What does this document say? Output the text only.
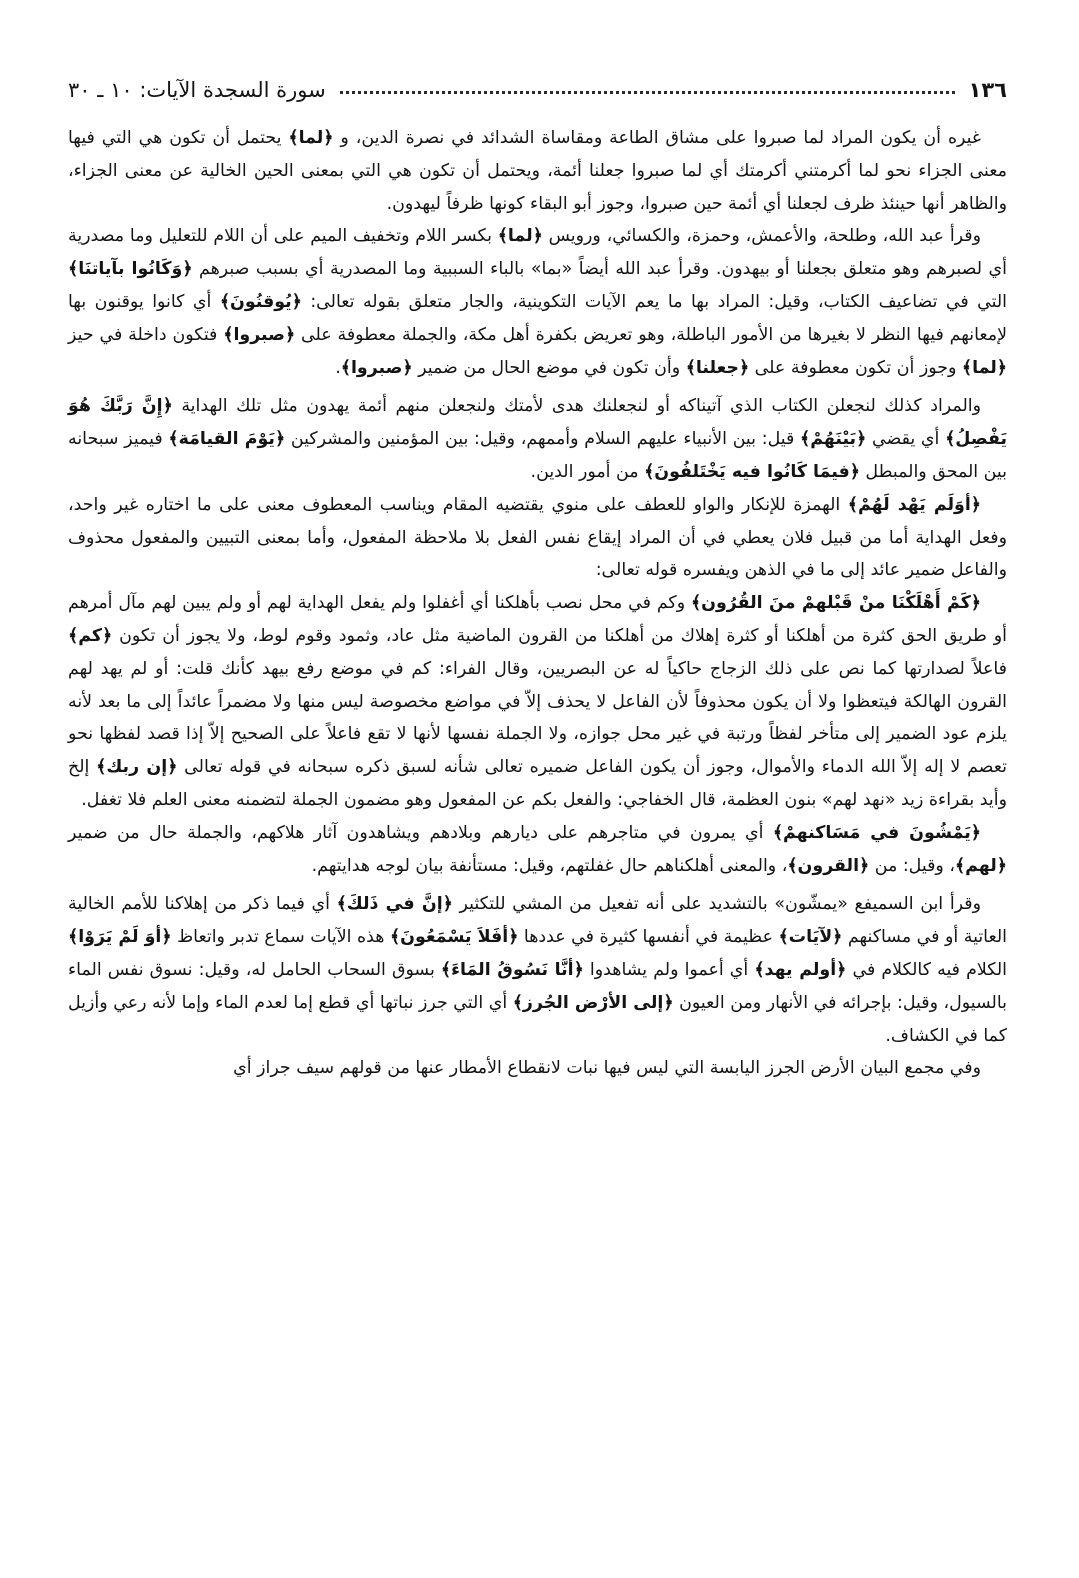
١٣٦
سورة السجدة الآيات: ١٠ ـ ٣٠

غيره أن يكون المراد لما صبروا على مشاق الطاعة ومقاساة الشدائد في نصرة الدين، و ﴿لما﴾ يحتمل أن تكون هي التي فيها معنى الجزاء نحو لما أكرمتني أكرمتك أي لما صبروا جعلنا أئمة، ويحتمل أن تكون هي التي بمعنى الحين الخالية عن معنى الجزاء، والظاهر أنها حينئذ ظرف لجعلنا أي أئمة حين صبروا، وجوز أبو البقاء كونها ظرفاً ليهدون.

وقرأ عبد الله، وطلحة، والأعمش، وحمزة، والكسائي، ورويس ﴿لما﴾ بكسر اللام وتخفيف الميم على أن اللام للتعليل وما مصدرية أي لصبرهم وهو متعلق بجعلنا أو بيهدون. وقرأ عبد الله أيضاً «بما» بالباء السببية وما المصدرية أي بسبب صبرهم ﴿وَكَانُوا بآياتنَا﴾ التي في تضاعيف الكتاب، وقيل: المراد بها ما يعم الآيات التكوينية، والجار متعلق بقوله تعالى: ﴿يُوقنُونَ﴾ أي كانوا يوقنون بها لإمعانهم فيها النظر لا بغيرها من الأمور الباطلة، وهو تعريض بكفرة أهل مكة، والجملة معطوفة على ﴿صبروا﴾ فتكون داخلة في حيز ﴿لما﴾ وجوز أن تكون معطوفة على ﴿جعلنا﴾ وأن تكون في موضع الحال من ضمير ﴿صبروا﴾.

والمراد كذلك لنجعلن الكتاب الذي آتيناكه أو لنجعلنك هدى لأمتك ولنجعلن منهم أئمة يهدون مثل تلك الهداية ﴿إِنَّ رَبَّكَ هُوَ يَفْصِلُ﴾ أي يقضي ﴿بَيْنَهُمْ﴾ قيل: بين الأنبياء عليهم السلام وأممهم، وقيل: بين المؤمنين والمشركين ﴿يَوْمَ القيامَة﴾ فيميز سبحانه بين المحق والمبطل ﴿فيمَا كَانُوا فيه يَخْتَلفُونَ﴾ من أمور الدين.

﴿أوَلَم يَهْد لَهُمْ﴾ الهمزة للإنكار والواو للعطف على منوي يقتضيه المقام ويناسب المعطوف معنى على ما اختاره غير واحد، وفعل الهداية أما من قبيل فلان يعطي في أن المراد إيقاع نفس الفعل بلا ملاحظة المفعول، وأما بمعنى التبيين والمفعول محذوف والفاعل ضمير عائد إلى ما في الذهن ويفسره قوله تعالى:

﴿كَمْ أَهْلَكْنَا منْ قَبْلهمْ منَ القُرُون﴾ وكم في محل نصب بأهلكنا أي أغفلوا ولم يفعل الهداية لهم أو ولم يبين لهم مآل أمرهم أو طريق الحق كثرة من أهلكنا أو كثرة إهلاك من أهلكنا من القرون الماضية مثل عاد، وثمود وقوم لوط، ولا يجوز أن تكون ﴿كم﴾ فاعلاً لصدارتها كما نص على ذلك الزجاج حاكياً له عن البصريين، وقال الفراء: كم في موضع رفع بيهد كأنك قلت: أو لم يهد لهم القرون الهالكة فيتعظوا ولا أن يكون محذوفاً لأن الفاعل لا يحذف إلاّ في مواضع مخصوصة ليس منها ولا مضمراً عائداً إلى ما بعد لأنه يلزم عود الضمير إلى متأخر لفظاً ورتبة في غير محل جوازه، ولا الجملة نفسها لأنها لا تقع فاعلاً على الصحيح إلاّ إذا قصد لفظها نحو تعصم لا إله إلاّ الله الدماء والأموال، وجوز أن يكون الفاعل ضميره تعالى شأنه لسبق ذكره سبحانه في قوله تعالى ﴿إن ربك﴾ إلخ وأيد بقراءة زيد «نهد لهم» بنون العظمة، قال الخفاجي: والفعل بكم عن المفعول وهو مضمون الجملة لتضمنه معنى العلم فلا تغفل.

﴿يَمْشُونَ في مَسَاكنهمْ﴾ أي يمرون في متاجرهم على ديارهم وبلادهم ويشاهدون آثار هلاكهم، والجملة حال من ضمير ﴿لهم﴾، وقيل: من ﴿القرون﴾، والمعنى أهلكناهم حال غفلتهم، وقيل: مستأنفة بيان لوجه هدايتهم.

وقرأ ابن السميفع «يمشّون» بالتشديد على أنه تفعيل من المشي للتكثير ﴿إنَّ في ذَلكَ﴾ أي فيما ذكر من إهلاكنا للأمم الخالية العاتية أو في مساكنهم ﴿لآيَات﴾ عظيمة في أنفسها كثيرة في عددها ﴿أفَلاَ يَسْمَعُونَ﴾ هذه الآيات سماع تدبر واتعاظ ﴿أوَ لَمْ يَرَوْا﴾ الكلام فيه كالكلام في ﴿أولم يهد﴾ أي أعموا ولم يشاهدوا ﴿أنَّا نَسُوقُ المَاءَ﴾ بسوق السحاب الحامل له، وقيل: نسوق نفس الماء بالسيول، وقيل: بإجرائه في الأنهار ومن العيون ﴿إلى الأرْض الجُرز﴾ أي التي جرز نباتها أي قطع إما لعدم الماء وإما لأنه رعي وأزيل كما في الكشاف.

وفي مجمع البيان الأرض الجرز اليابسة التي ليس فيها نبات لانقطاع الأمطار عنها من قولهم سيف جراز أي
